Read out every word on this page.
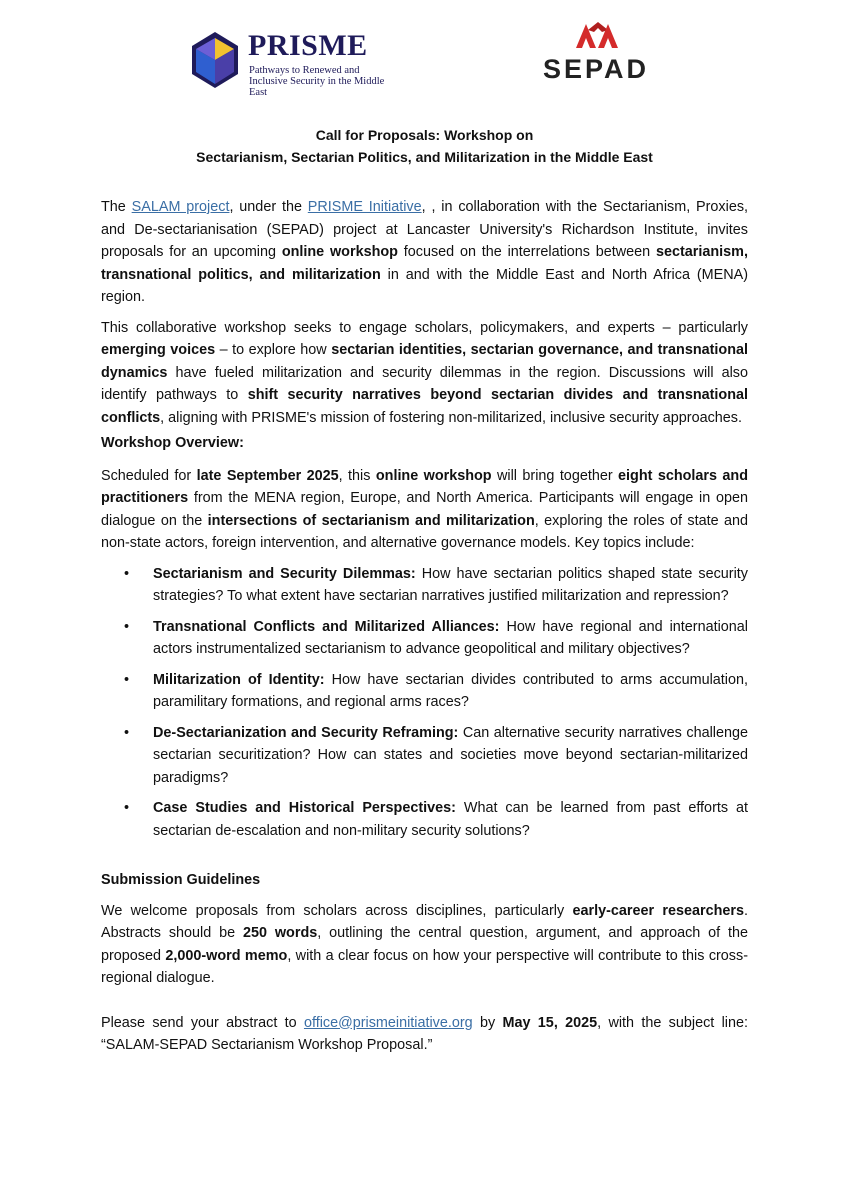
PRISME
Pathways to Renewed and Inclusive Security in the Middle East
SEPAD
Call for Proposals: Workshop on
Sectarianism, Sectarian Politics, and Militarization in the Middle East

The SALAM project, under the PRISME Initiative, , in collaboration with the Sectarianism, Proxies, and De-sectarianisation (SEPAD) project at Lancaster University's Richardson Institute, invites proposals for an upcoming online workshop focused on the interrelations between sectarianism, transnational politics, and militarization in and with the Middle East and North Africa (MENA) region.

This collaborative workshop seeks to engage scholars, policymakers, and experts – particularly emerging voices – to explore how sectarian identities, sectarian governance, and transnational dynamics have fueled militarization and security dilemmas in the region. Discussions will also identify pathways to shift security narratives beyond sectarian divides and transnational conflicts, aligning with PRISME's mission of fostering non-militarized, inclusive security approaches.

Workshop Overview:

Scheduled for late September 2025, this online workshop will bring together eight scholars and practitioners from the MENA region, Europe, and North America. Participants will engage in open dialogue on the intersections of sectarianism and militarization, exploring the roles of state and non-state actors, foreign intervention, and alternative governance models. Key topics include:

• Sectarianism and Security Dilemmas: How have sectarian politics shaped state security strategies? To what extent have sectarian narratives justified militarization and repression?
• Transnational Conflicts and Militarized Alliances: How have regional and international actors instrumentalized sectarianism to advance geopolitical and military objectives?
• Militarization of Identity: How have sectarian divides contributed to arms accumulation, paramilitary formations, and regional arms races?
• De-Sectarianization and Security Reframing: Can alternative security narratives challenge sectarian securitization? How can states and societies move beyond sectarian-militarized paradigms?
• Case Studies and Historical Perspectives: What can be learned from past efforts at sectarian de-escalation and non-military security solutions?
Submission Guidelines

We welcome proposals from scholars across disciplines, particularly early-career researchers. Abstracts should be 250 words, outlining the central question, argument, and approach of the proposed 2,000-word memo, with a clear focus on how your perspective will contribute to this cross-regional dialogue.

Please send your abstract to office@prismeinitiative.org by May 15, 2025, with the subject line: “SALAM-SEPAD Sectarianism Workshop Proposal.”
